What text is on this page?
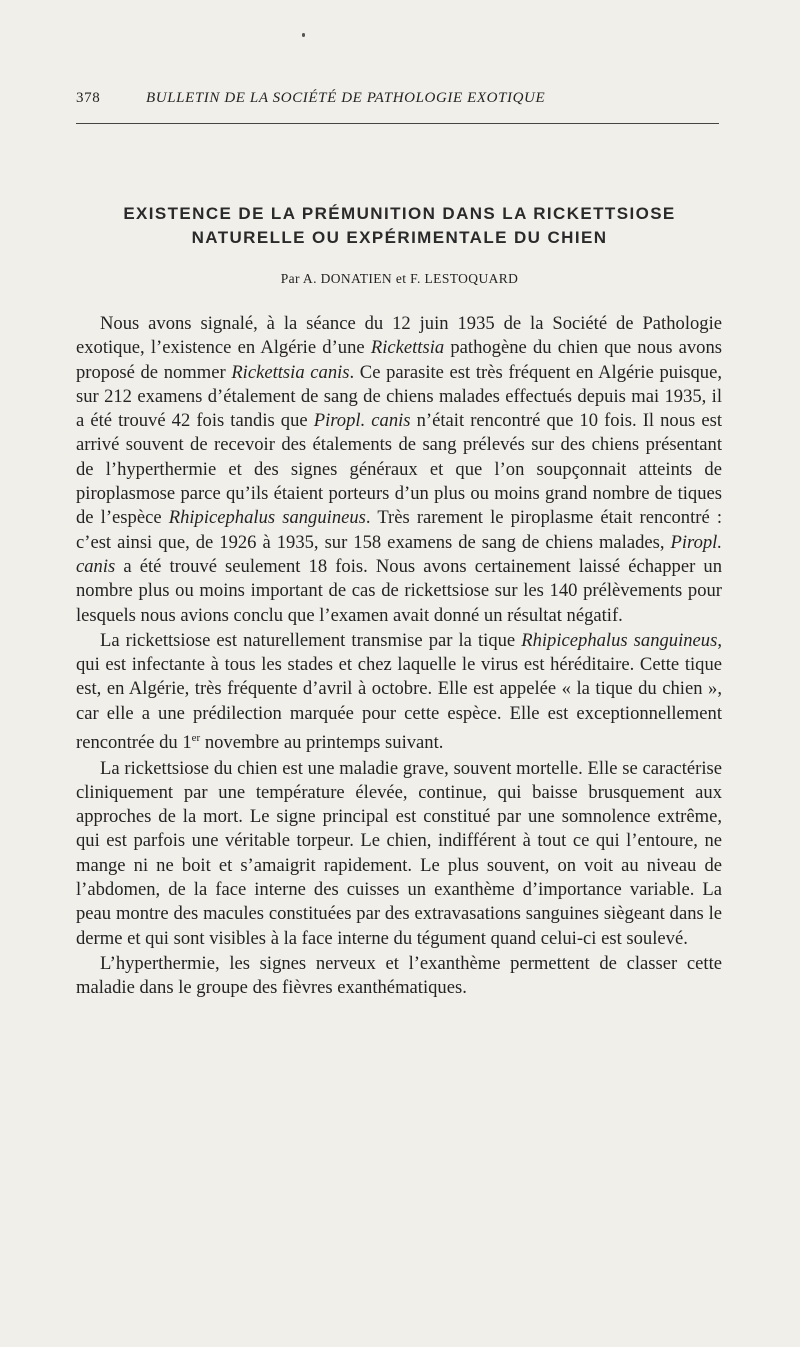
378	BULLETIN DE LA SOCIÉTÉ DE PATHOLOGIE EXOTIQUE
EXISTENCE DE LA PRÉMUNITION DANS LA RICKETTSIOSE
NATURELLE OU EXPÉRIMENTALE DU CHIEN
Par A. DONATIEN et F. LESTOQUARD

Nous avons signalé, à la séance du 12 juin 1935 de la Société de Pathologie exotique, l’existence en Algérie d’une Rickettsia pathogène du chien que nous avons proposé de nommer Rickettsia canis. Ce parasite est très fréquent en Algérie puisque, sur 212 examens d’étalement de sang de chiens malades effectués depuis mai 1935, il a été trouvé 42 fois tandis que Piropl. canis n’était rencontré que 10 fois. Il nous est arrivé souvent de recevoir des étalements de sang prélevés sur des chiens présentant de l’hyperthermie et des signes généraux et que l’on soupçonnait atteints de piroplasmose parce qu’ils étaient porteurs d’un plus ou moins grand nombre de tiques de l’espèce Rhipicephalus sanguineus. Très rarement le piroplasme était rencontré : c’est ainsi que, de 1926 à 1935, sur 158 examens de sang de chiens malades, Piropl. canis a été trouvé seulement 18 fois. Nous avons certainement laissé échapper un nombre plus ou moins important de cas de rickettsiose sur les 140 prélèvements pour lesquels nous avions conclu que l’examen avait donné un résultat négatif.

La rickettsiose est naturellement transmise par la tique Rhipicephalus sanguineus, qui est infectante à tous les stades et chez laquelle le virus est héréditaire. Cette tique est, en Algérie, très fréquente d’avril à octobre. Elle est appelée « la tique du chien », car elle a une prédilection marquée pour cette espèce. Elle est exceptionnellement rencontrée du 1er novembre au printemps suivant.

La rickettsiose du chien est une maladie grave, souvent mortelle. Elle se caractérise cliniquement par une température élevée, continue, qui baisse brusquement aux approches de la mort. Le signe principal est constitué par une somnolence extrême, qui est parfois une véritable torpeur. Le chien, indifférent à tout ce qui l’entoure, ne mange ni ne boit et s’amaigrit rapidement. Le plus souvent, on voit au niveau de l’abdomen, de la face interne des cuisses un exanthème d’importance variable. La peau montre des macules constituées par des extravasations sanguines siègeant dans le derme et qui sont visibles à la face interne du tégument quand celui-ci est soulevé.

L’hyperthermie, les signes nerveux et l’exanthème permettent de classer cette maladie dans le groupe des fièvres exanthématiques.
